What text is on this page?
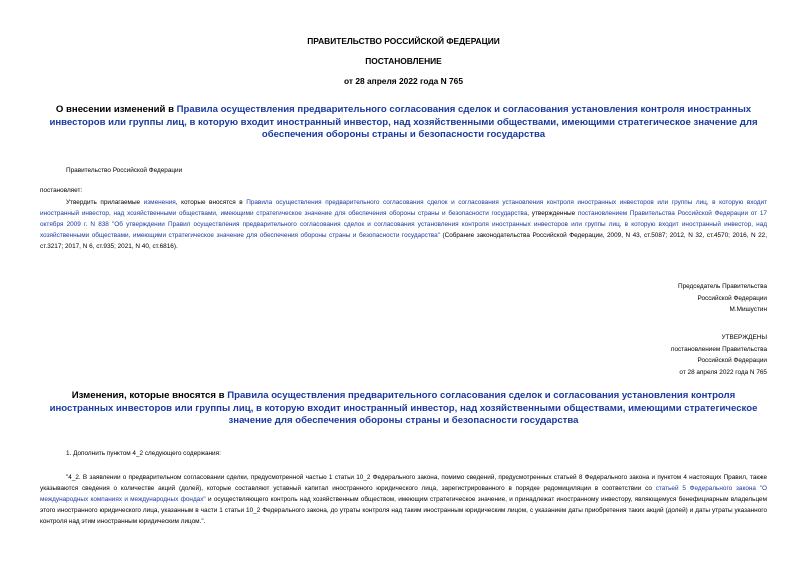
ПРАВИТЕЛЬСТВО РОССИЙСКОЙ ФЕДЕРАЦИИ
ПОСТАНОВЛЕНИЕ
от 28 апреля 2022 года N 765
О внесении изменений в Правила осуществления предварительного согласования сделок и согласования установления контроля иностранных инвесторов или группы лиц, в которую входит иностранный инвестор, над хозяйственными обществами, имеющими стратегическое значение для обеспечения обороны страны и безопасности государства
Правительство Российской Федерации
постановляет:
Утвердить прилагаемые изменения, которые вносятся в Правила осуществления предварительного согласования сделок и согласования установления контроля иностранных инвесторов или группы лиц, в которую входит иностранный инвестор, над хозяйственными обществами, имеющими стратегическое значение для обеспечения обороны страны и безопасности государства, утвержденные постановлением Правительства Российской Федерации от 17 октября 2009 г. N 838 "Об утверждении Правил осуществления предварительного согласования сделок и согласования установления контроля иностранных инвесторов или группы лиц, в которую входит иностранный инвестор, над хозяйственными обществами, имеющими стратегическое значение для обеспечения обороны страны и безопасности государства" (Собрание законодательства Российской Федерации, 2009, N 43, ст.5087; 2012, N 32, ст.4570; 2016, N 22, ст.3217; 2017, N 6, ст.935; 2021, N 40, ст.6816).
Председатель Правительства
Российской Федерации
М.Мишустин
УТВЕРЖДЕНЫ
постановлением Правительства
Российской Федерации
от 28 апреля 2022 года N 765
Изменения, которые вносятся в Правила осуществления предварительного согласования сделок и согласования установления контроля иностранных инвесторов или группы лиц, в которую входит иностранный инвестор, над хозяйственными обществами, имеющими стратегическое значение для обеспечения обороны страны и безопасности государства
1. Дополнить пунктом 4_2 следующего содержания:
"4_2. В заявлении о предварительном согласовании сделки, предусмотренной частью 1 статьи 10_2 Федерального закона, помимо сведений, предусмотренных статьей 8 Федерального закона и пунктом 4 настоящих Правил, также указываются сведения о количестве акций (долей), которые составляют уставный капитал иностранного юридического лица, зарегистрированного в порядке редомициляции в соответствии со статьей 5 Федерального закона "О международных компаниях и международных фондах" и осуществляющего контроль над хозяйственным обществом, имеющим стратегическое значение, и принадлежат иностранному инвестору, являющемуся бенефициарным владельцем этого иностранного юридического лица, указанным в части 1 статьи 10_2 Федерального закона, до утраты контроля над таким иностранным юридическим лицом, с указанием даты приобретения таких акций (долей) и даты утраты указанного контроля над этим иностранным юридическим лицом.".
